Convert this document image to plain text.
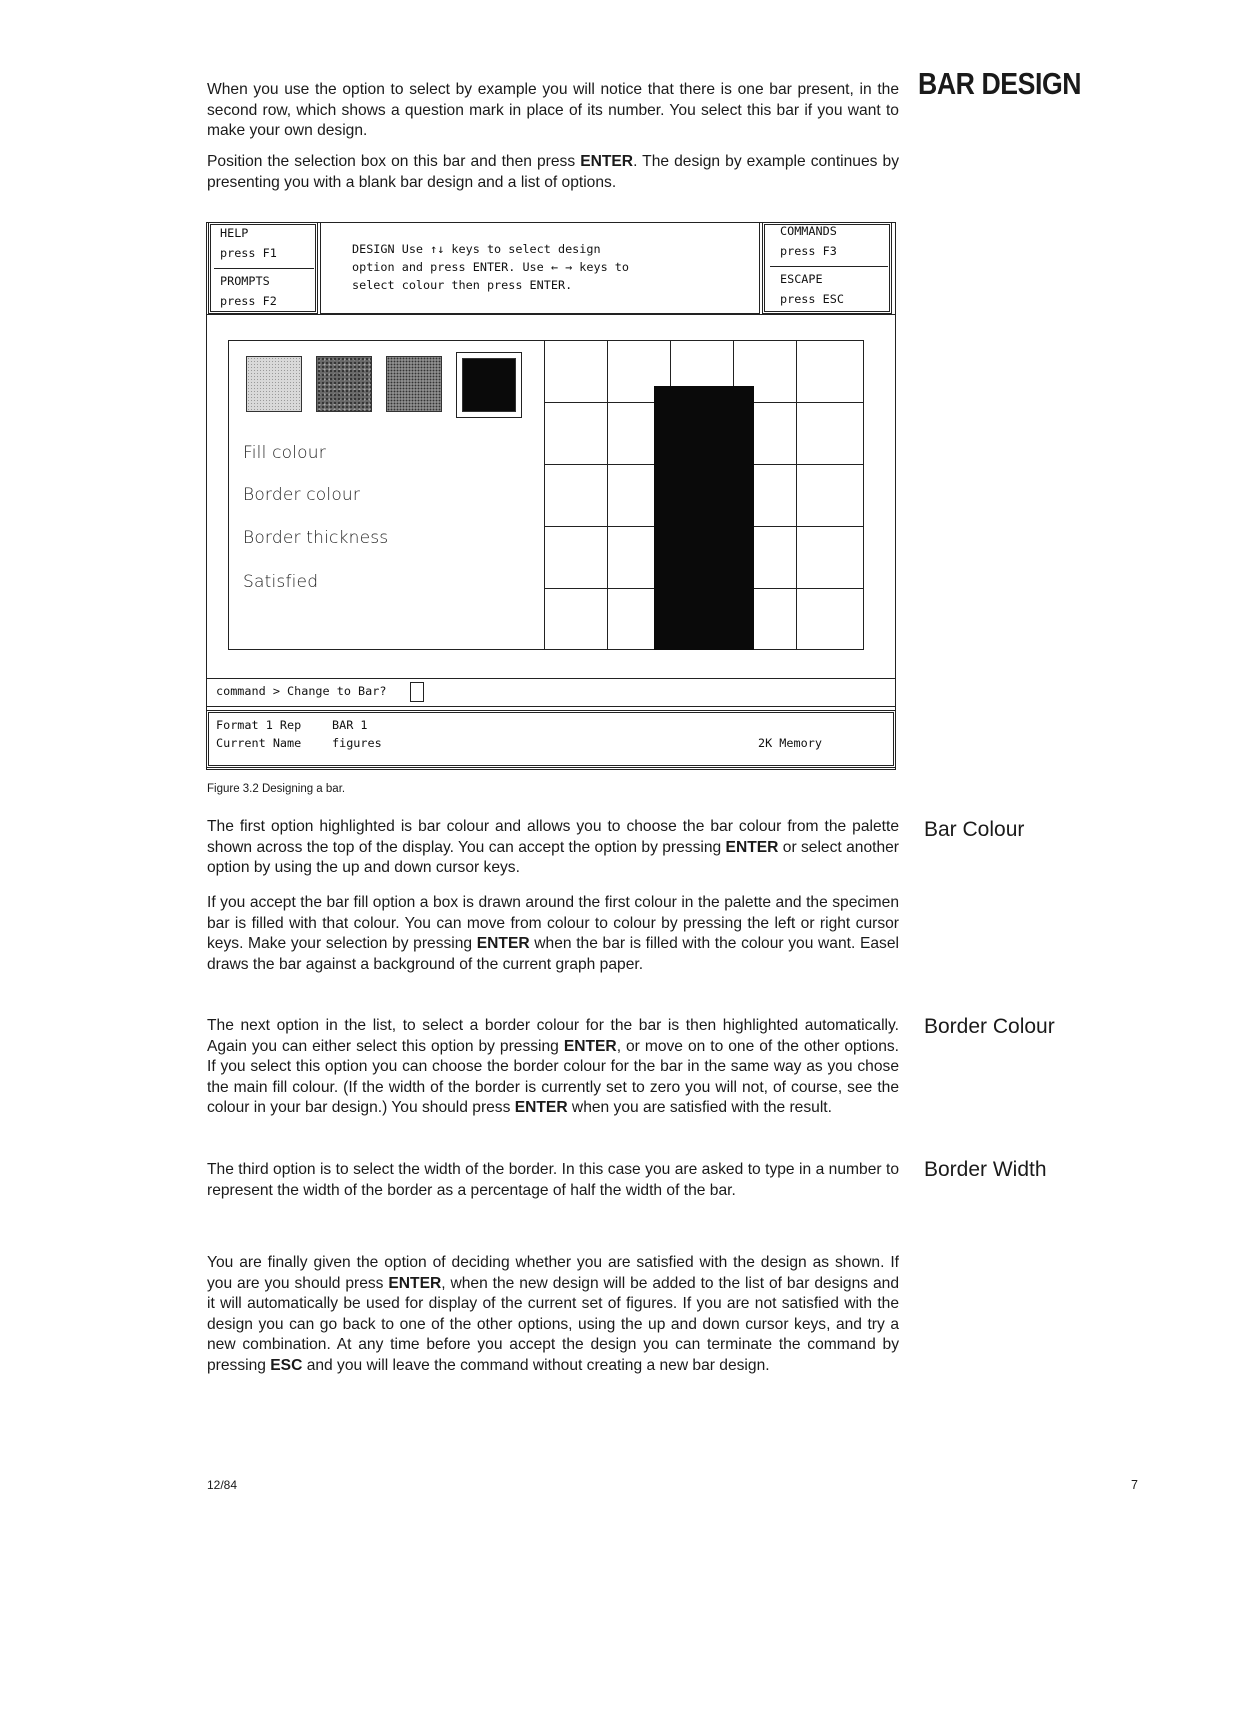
BAR DESIGN

When you use the option to select by example you will notice that there is one bar present, in the second row, which shows a question mark in place of its number. You select this bar if you want to make your own design.

Position the selection box on this bar and then press ENTER. The design by example continues by presenting you with a blank bar design and a list of options.

HELP
press F1
PROMPTS
press F2
DESIGN Use ↑↓ keys to select design
option and press ENTER. Use ← → keys to
select colour then press ENTER.
COMMANDS
press F3
ESCAPE
press ESC
Fill colour
Border colour
Border thickness
Satisfied
command > Change to Bar?
Format 1 Rep	BAR 1
Current Name	figures	2K Memory

Figure 3.2 Designing a bar.

Bar Colour

The first option highlighted is bar colour and allows you to choose the bar colour from the palette shown across the top of the display. You can accept the option by pressing ENTER or select another option by using the up and down cursor keys.

If you accept the bar fill option a box is drawn around the first colour in the palette and the specimen bar is filled with that colour. You can move from colour to colour by pressing the left or right cursor keys. Make your selection by pressing ENTER when the bar is filled with the colour you want. Easel draws the bar against a background of the current graph paper.

Border Colour

The next option in the list, to select a border colour for the bar is then highlighted automatically. Again you can either select this option by pressing ENTER, or move on to one of the other options. If you select this option you can choose the border colour for the bar in the same way as you chose the main fill colour. (If the width of the border is currently set to zero you will not, of course, see the colour in your bar design.) You should press ENTER when you are satisfied with the result.

Border Width

The third option is to select the width of the border. In this case you are asked to type in a number to represent the width of the border as a percentage of half the width of the bar.

You are finally given the option of deciding whether you are satisfied with the design as shown. If you are you should press ENTER, when the new design will be added to the list of bar designs and it will automatically be used for display of the current set of figures. If you are not satisfied with the design you can go back to one of the other options, using the up and down cursor keys, and try a new combination. At any time before you accept the design you can terminate the command by pressing ESC and you will leave the command without creating a new bar design.

12/84	7
